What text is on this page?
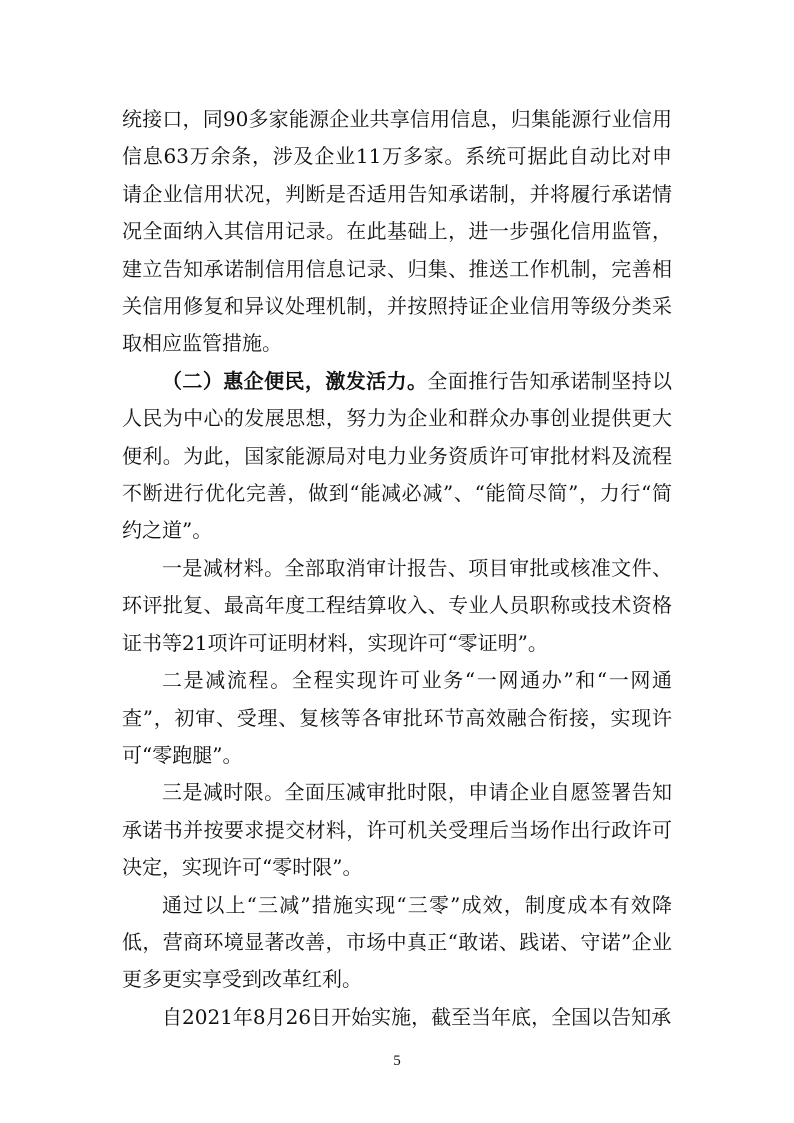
统接口，同90多家能源企业共享信用信息，归集能源行业信用信息63万余条，涉及企业11万多家。系统可据此自动比对申请企业信用状况，判断是否适用告知承诺制，并将履行承诺情况全面纳入其信用记录。在此基础上，进一步强化信用监管，建立告知承诺制信用信息记录、归集、推送工作机制，完善相关信用修复和异议处理机制，并按照持证企业信用等级分类采取相应监管措施。

（二）惠企便民，激发活力。全面推行告知承诺制坚持以人民为中心的发展思想，努力为企业和群众办事创业提供更大便利。为此，国家能源局对电力业务资质许可审批材料及流程不断进行优化完善，做到“能减必减”、“能简尽简”，力行“简约之道”。

一是减材料。全部取消审计报告、项目审批或核准文件、环评批复、最高年度工程结算收入、专业人员职称或技术资格证书等21项许可证明材料，实现许可“零证明”。

二是减流程。全程实现许可业务“一网通办”和“一网通查”，初审、受理、复核等各审批环节高效融合衔接，实现许可“零跑腿”。

三是减时限。全面压减审批时限，申请企业自愿签署告知承诺书并按要求提交材料，许可机关受理后当场作出行政许可决定，实现许可“零时限”。

通过以上“三减”措施实现“三零”成效，制度成本有效降低，营商环境显著改善，市场中真正“敢诺、践诺、守诺”企业更多更实享受到改革红利。

自2021年8月26日开始实施，截至当年底，全国以告知承

5
